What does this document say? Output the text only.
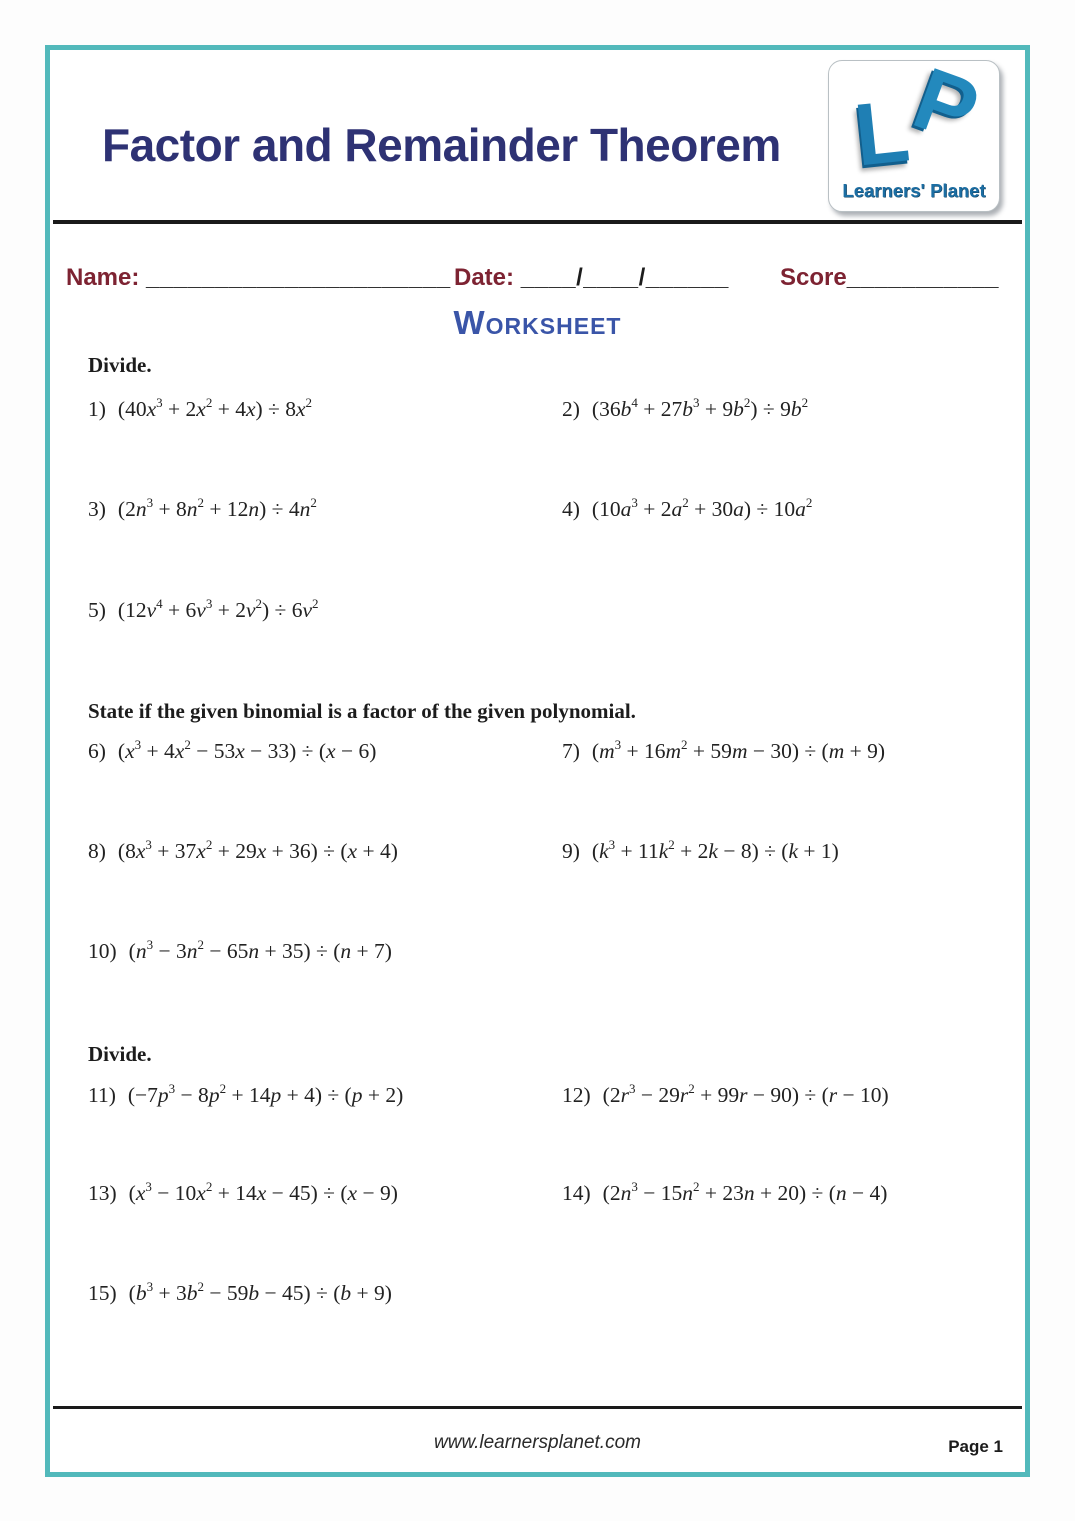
Factor and Remainder Theorem L
P
Learners' Planet
Name: ______________________ Date: ____/____/______ Score___________
Worksheet
Divide.
1) $(40x^3 + 2x^2 + 4x) \div 8x^2$	2) $(36b^4 + 27b^3 + 9b^2) \div 9b^2$
3) $(2n^3 + 8n^2 + 12n) \div 4n^2$	4) $(10a^3 + 2a^2 + 30a) \div 10a^2$
5) $(12v^4 + 6v^3 + 2v^2) \div 6v^2$
State if the given binomial is a factor of the given polynomial.
6) $(x^3 + 4x^2 - 53x - 33) \div (x - 6)$	7) $(m^3 + 16m^2 + 59m - 30) \div (m + 9)$
8) $(8x^3 + 37x^2 + 29x + 36) \div (x + 4)$	9) $(k^3 + 11k^2 + 2k - 8) \div (k + 1)$
10) $(n^3 - 3n^2 - 65n + 35) \div (n + 7)$
Divide.
11) $(-7p^3 - 8p^2 + 14p + 4) \div (p + 2)$	12) $(2r^3 - 29r^2 + 99r - 90) \div (r - 10)$
13) $(x^3 - 10x^2 + 14x - 45) \div (x - 9)$	14) $(2n^3 - 15n^2 + 23n + 20) \div (n - 4)$
15) $(b^3 + 3b^2 - 59b - 45) \div (b + 9)$
www.learnersplanet.com	Page 1
